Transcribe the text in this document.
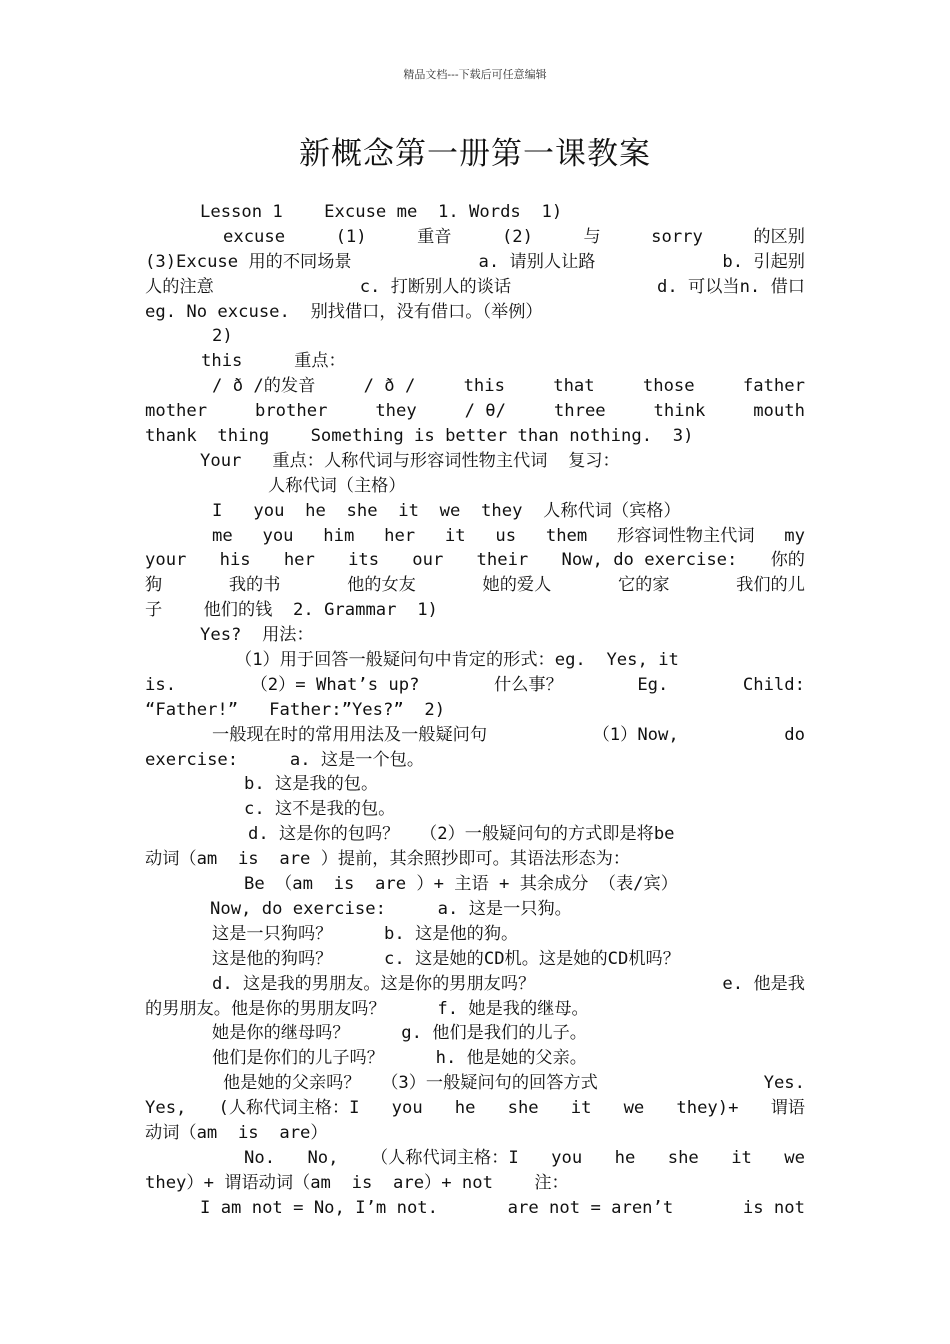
精品文档---下载后可任意编辑
新概念第一册第一课教案
Lesson 1    Excuse me  1. Words  1)
excuse	(1)	重音	(2)	与	sorry	的区别
(3)Excuse 用的不同场景	a. 请别人让路	b. 引起别
人的注意	c. 打断别人的谈话	d. 可以当n. 借口
eg. No excuse.  别找借口，没有借口。（举例）
2)
this     重点：
/ ð /的发音	/ ð /	this	that	those	father
mother	brother	they	/ θ/	three	think	mouth
thank  thing    Something is better than nothing.  3)
Your   重点：人称代词与形容词性物主代词  复习：
人称代词（主格）
I   you  he  she  it  we  they  人称代词（宾格）
me you him her it us them 形容词性物主代词 my
your his her its our their Now, do exercise: 你的
狗	我的书	他的女友	她的爱人	它的家	我们的儿
子    他们的钱  2. Grammar  1)
Yes?  用法：
（1）用于回答一般疑问句中肯定的形式：eg.  Yes, it
is.	（2）= What’s up?	什么事？	Eg.	Child:
“Father!”   Father:”Yes?”  2)
一般现在时的常用用法及一般疑问句	（1）Now,	do
exercise:     a. 这是一个包。
b. 这是我的包。
c. 这不是我的包。
d. 这是你的包吗？  （2）一般疑问句的方式即是将be
动词（am  is  are ）提前，其余照抄即可。其语法形态为：
Be （am  is  are ）+ 主语 + 其余成分 （表/宾）
Now, do exercise:     a. 这是一只狗。
这是一只狗吗？     b. 这是他的狗。
这是他的狗吗？     c. 这是她的CD机。这是她的CD机吗？
d. 这是我的男朋友。这是你的男朋友吗？	e. 他是我
的男朋友。他是你的男朋友吗？     f. 她是我的继母。
她是你的继母吗？     g. 他们是我们的儿子。
他们是你们的儿子吗？     h. 他是她的父亲。
他是她的父亲吗？  （3）一般疑问句的回答方式	Yes.
Yes, (人称代词主格：I you he she it we they)+ 谓语
动词（am  is  are）
No. No, （人称代词主格：I you he she it we
they）+ 谓语动词（am  is  are）+ not    注：
I am not = No, I’m not.	are not = aren’t	is not
